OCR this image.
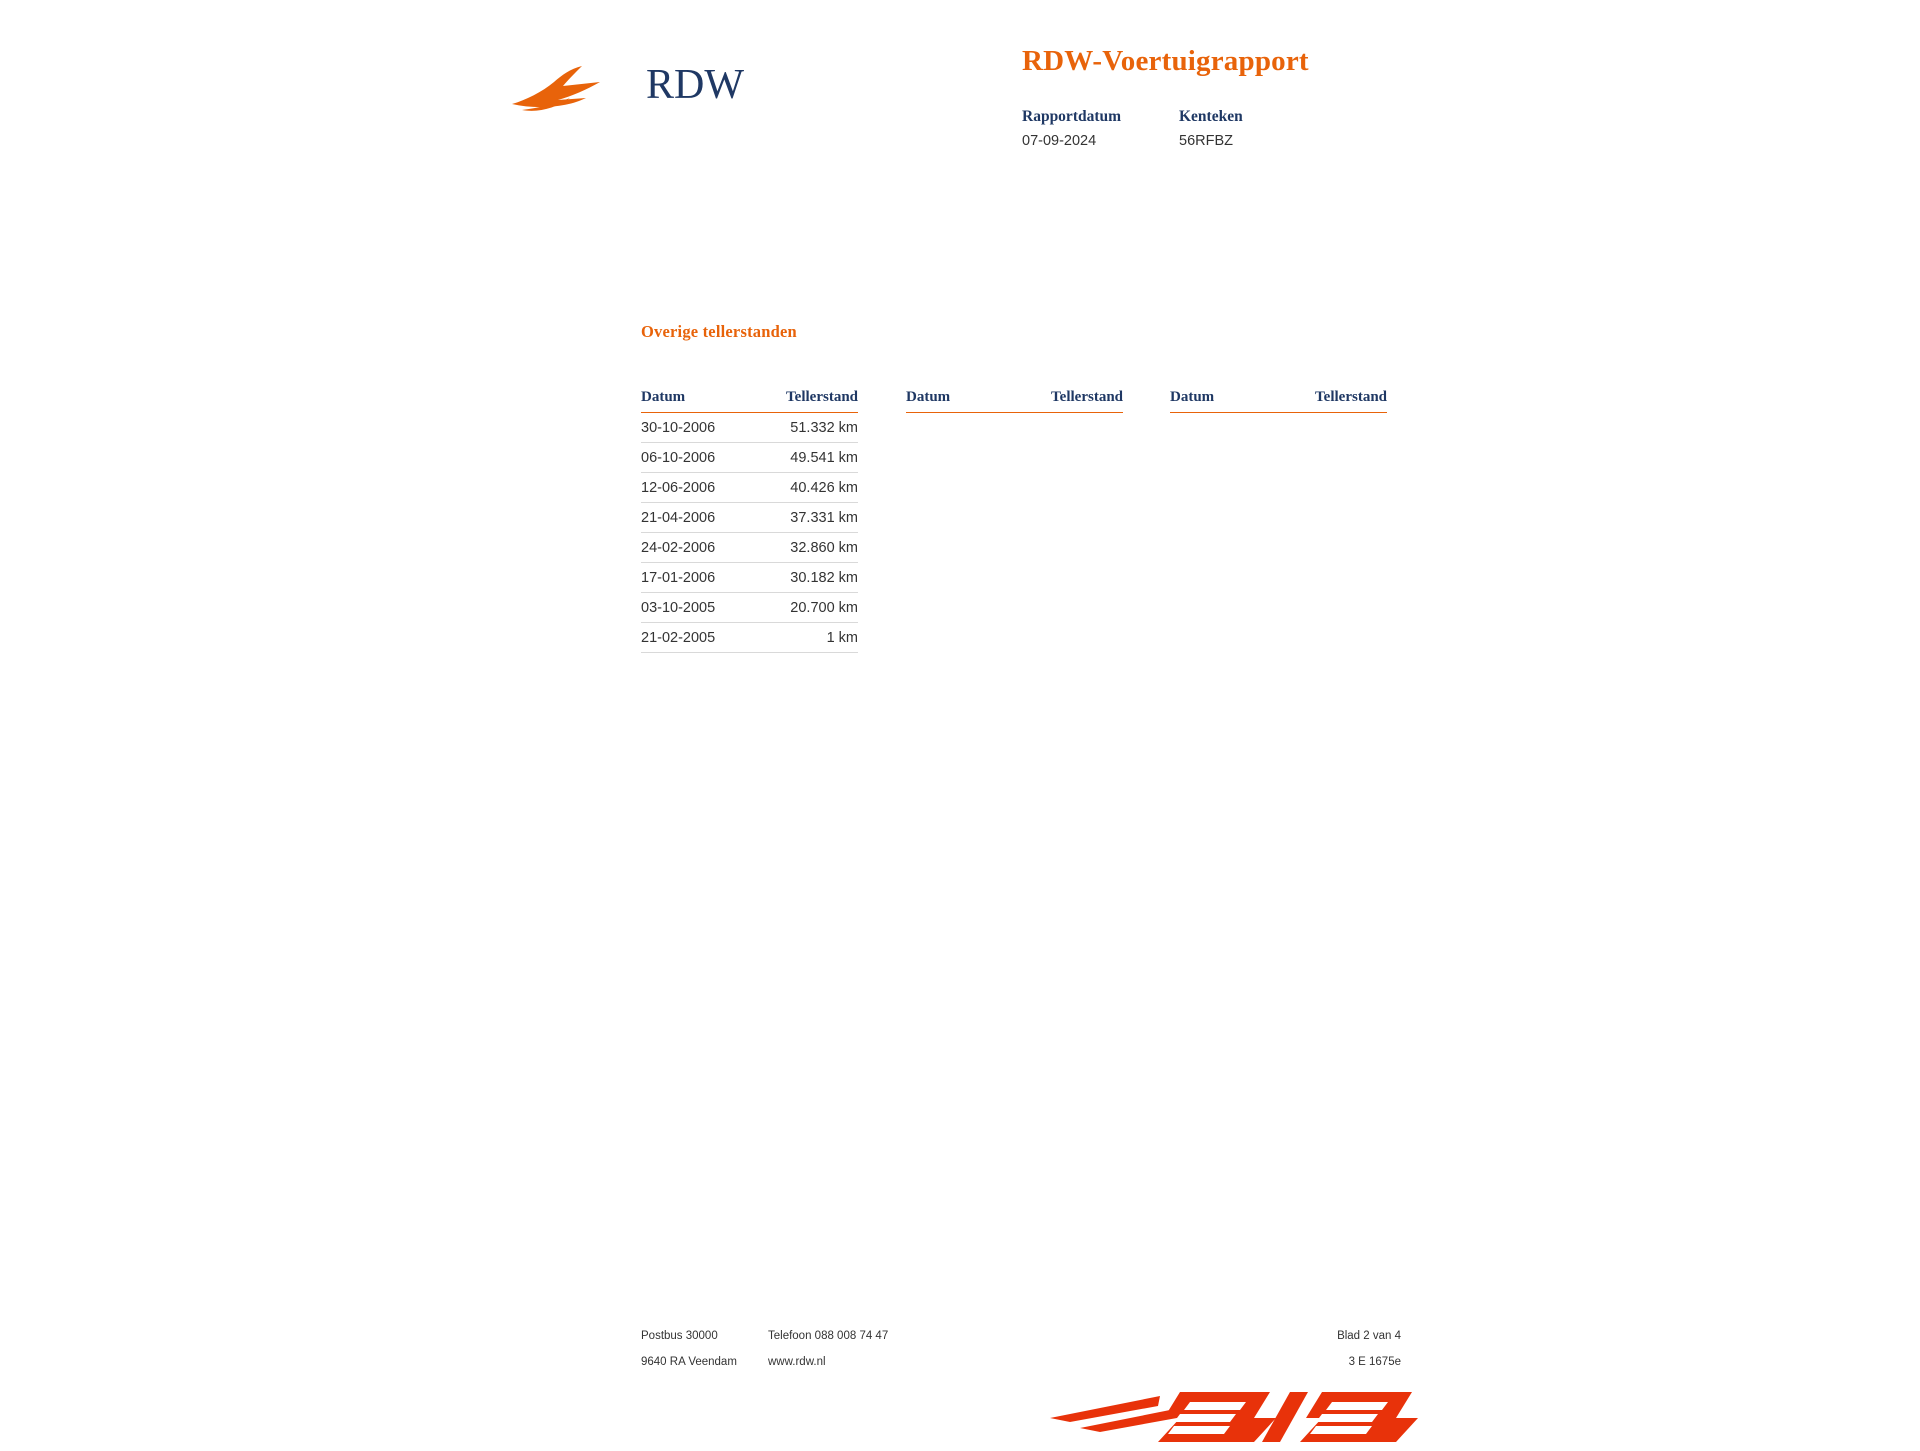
RDW
RDW-Voertuigrapport
Rapportdatum
07-09-2024
Kenteken
56RFBZ
Overige tellerstanden
Datum	Tellerstand
30-10-2006	51.332 km
06-10-2006	49.541 km
12-06-2006	40.426 km
21-04-2006	37.331 km
24-02-2006	32.860 km
17-01-2006	30.182 km
03-10-2005	20.700 km
21-02-2005	1 km
Datum	Tellerstand	Datum	Tellerstand
Postbus 30000	Telefoon 088 008 74 47	Blad 2 van 4
9640 RA Veendam	www.rdw.nl	3 E 1675e
